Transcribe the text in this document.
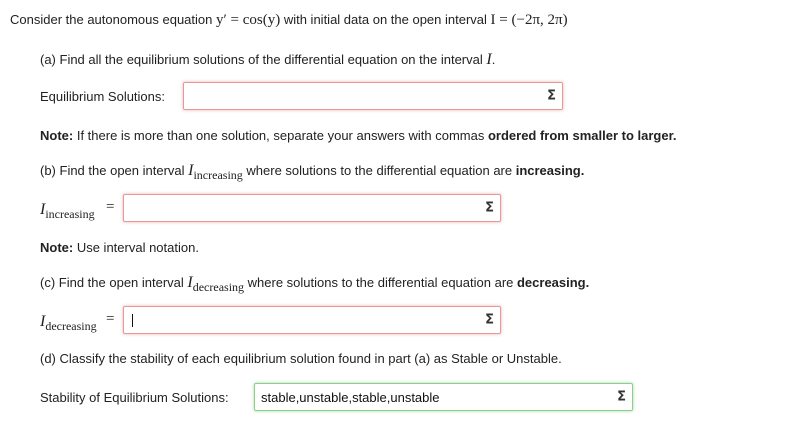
Consider the autonomous equation y′ = cos(y) with initial data on the open interval I = (−2π, 2π)
(a) Find all the equilibrium solutions of the differential equation on the interval I.
Equilibrium Solutions:	Σ
Note: If there is more than one solution, separate your answers with commas ordered from smaller to larger.
(b) Find the open interval Iincreasing where solutions to the differential equation are increasing.
Iincreasing =	Σ
Note: Use interval notation.
(c) Find the open interval Idecreasing where solutions to the differential equation are decreasing.
Idecreasing =	Σ
(d) Classify the stability of each equilibrium solution found in part (a) as Stable or Unstable.
Stability of Equilibrium Solutions:
stable,unstable,stable,unstable	Σ
